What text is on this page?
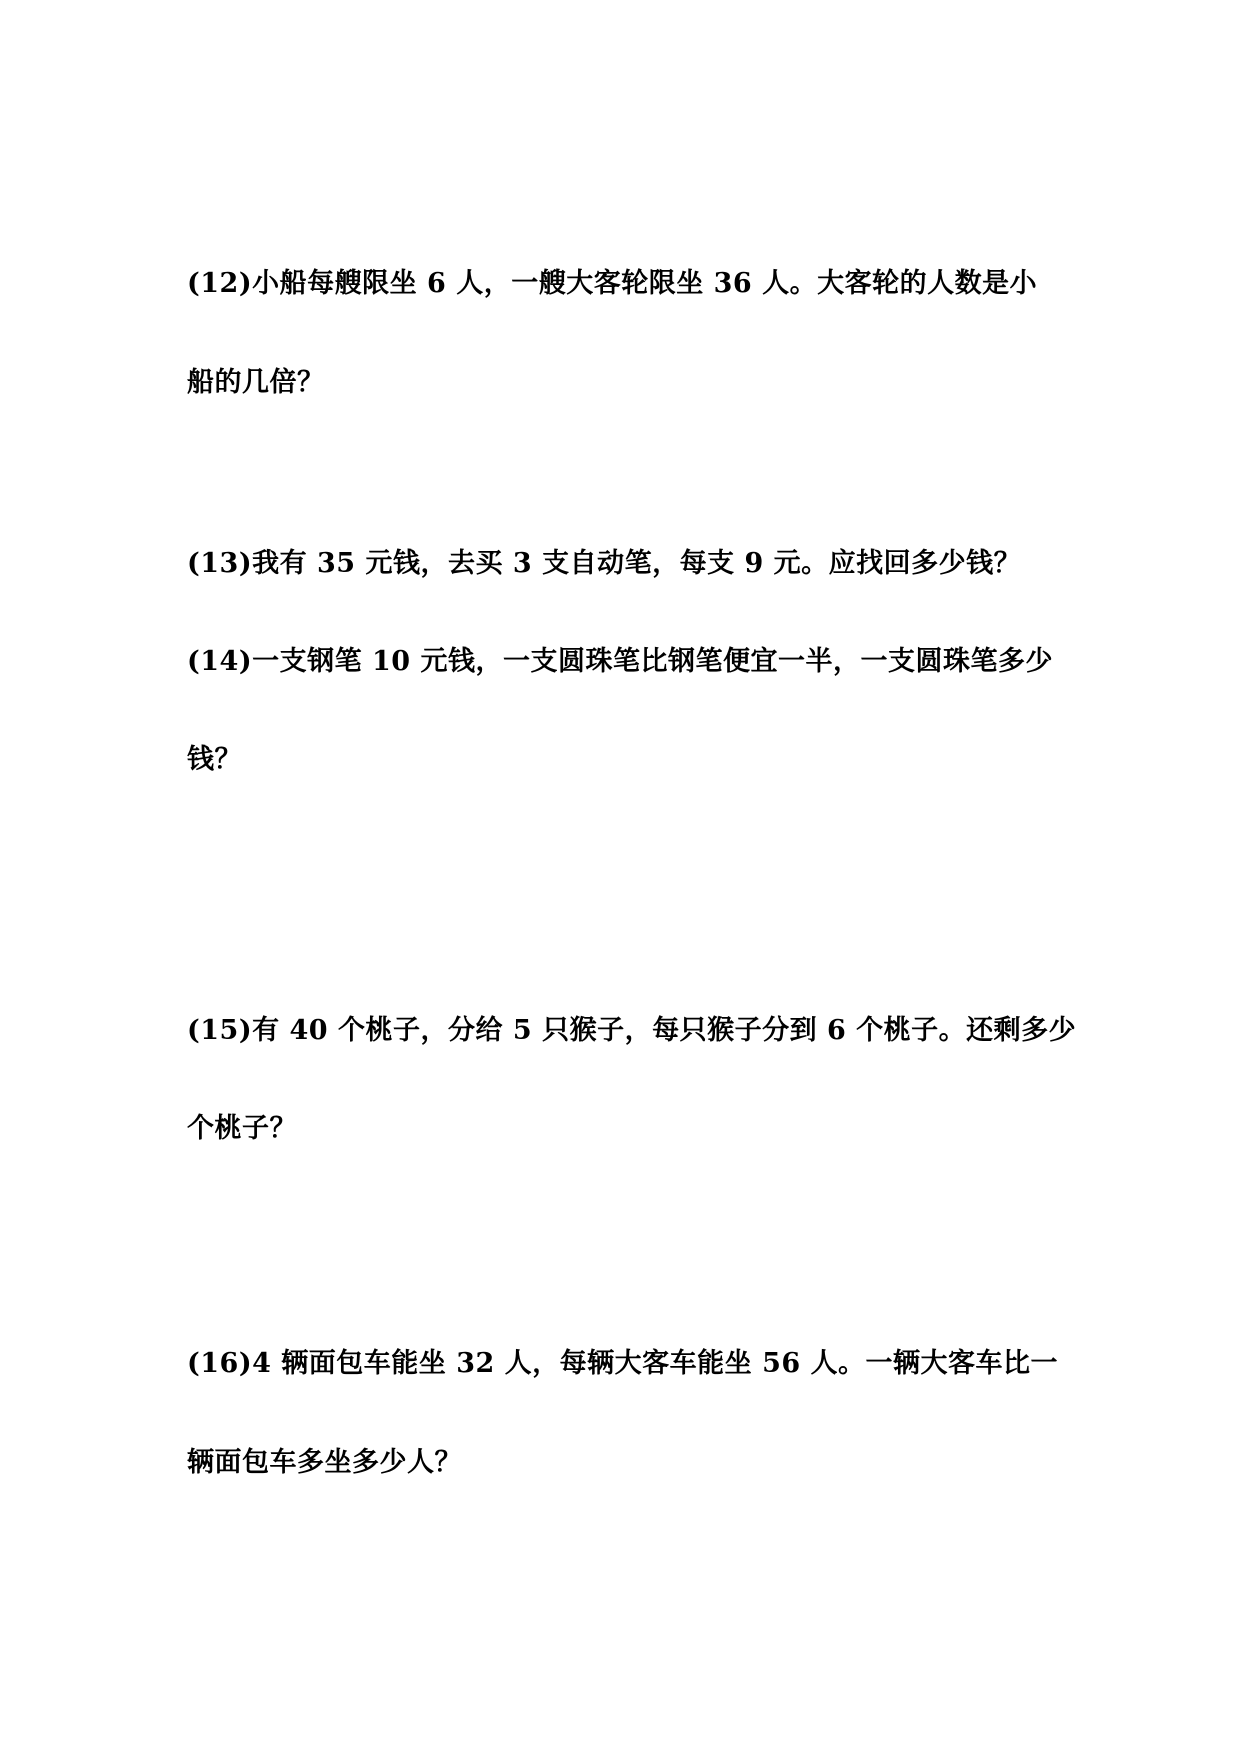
(12)小船每艘限坐 6 人，一艘大客轮限坐 36 人。大客轮的人数是小
船的几倍？
(13)我有 35 元钱，去买 3 支自动笔，每支 9 元。应找回多少钱？
(14)一支钢笔 10 元钱，一支圆珠笔比钢笔便宜一半，一支圆珠笔多少
钱？
(15)有 40 个桃子，分给 5 只猴子，每只猴子分到 6 个桃子。还剩多少
个桃子？
(16)4 辆面包车能坐 32 人，每辆大客车能坐 56 人。一辆大客车比一
辆面包车多坐多少人？
